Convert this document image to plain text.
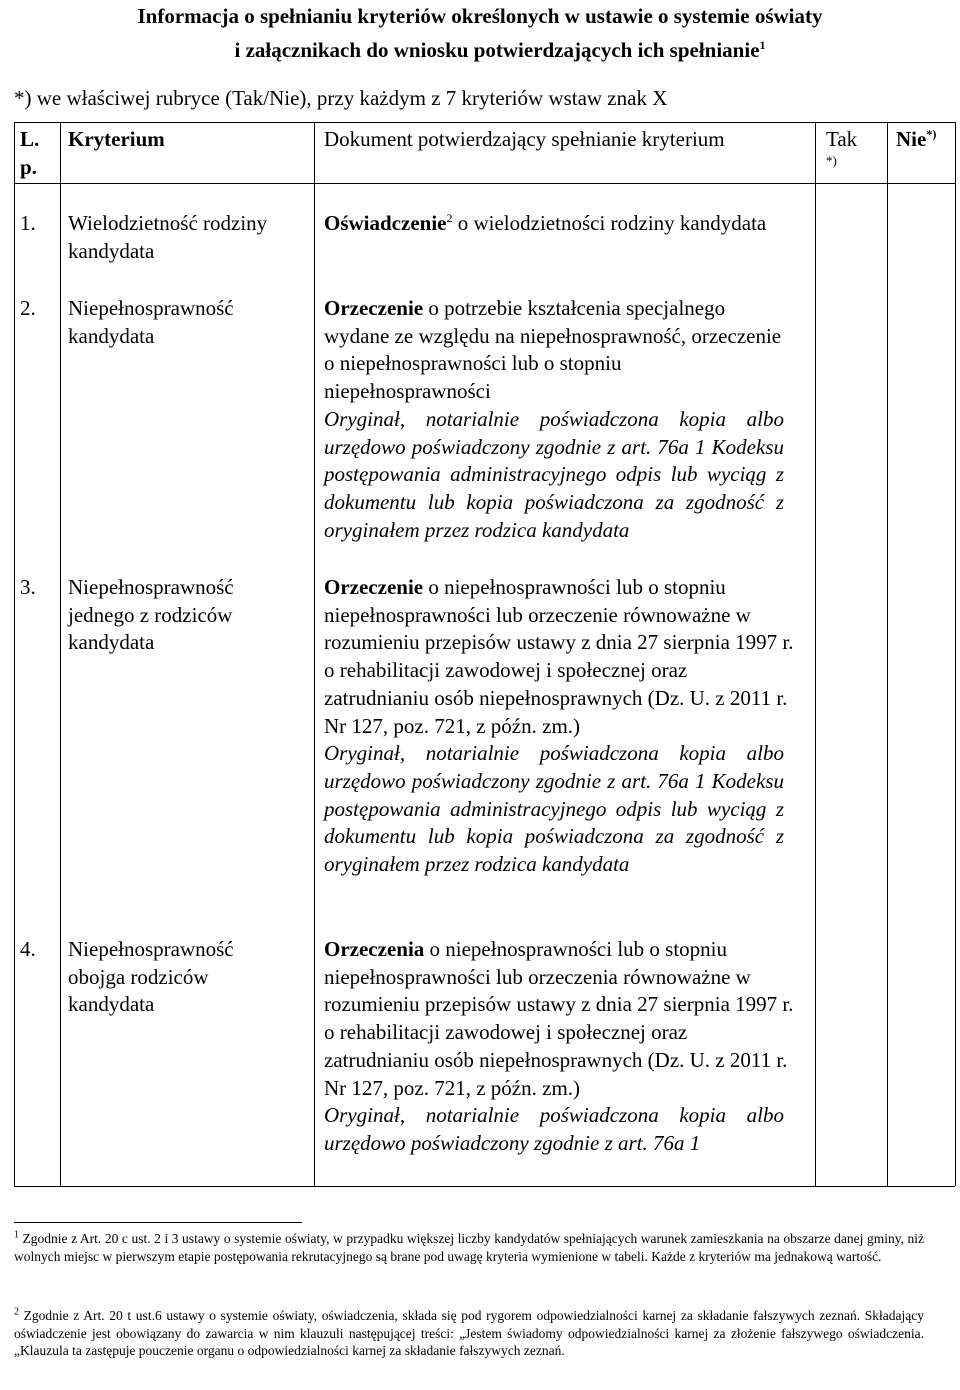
Informacja o spełnianiu kryteriów określonych w ustawie o systemie oświaty
i załącznikach do wniosku potwierdzających ich spełnianie$^1$
*) we właściwej rubryce (Tak/Nie), przy każdym z 7 kryteriów wstaw znak X
L. p.
Kryterium	Dokument potwierdzający spełnianie kryterium	Tak

*)
Nie*)
1. Wielodzietność rodziny kandydata
Oświadczenie$^2$ o wielodzietności rodziny kandydata
2. Niepełnosprawność kandydata
Orzeczenie o potrzebie kształcenia specjalnego wydane ze względu na niepełnosprawność, orzeczenie o niepełnosprawności lub o stopniu niepełnosprawności

Oryginał, notarialnie poświadczona kopia albo urzędowo poświadczony zgodnie z art. 76a 1 Kodeksu postępowania administracyjnego odpis lub wyciąg z dokumentu lub kopia poświadczona za zgodność z oryginałem przez rodzica kandydata
3. Niepełnosprawność jednego z rodziców kandydata
Orzeczenie o niepełnosprawności lub o stopniu niepełnosprawności lub orzeczenie równoważne w rozumieniu przepisów ustawy z dnia 27 sierpnia 1997 r. o rehabilitacji zawodowej i społecznej oraz zatrudnianiu osób niepełnosprawnych (Dz. U. z 2011 r. Nr 127, poz. 721, z późn. zm.)

Oryginał, notarialnie poświadczona kopia albo urzędowo poświadczony zgodnie z art. 76a 1 Kodeksu postępowania administracyjnego odpis lub wyciąg z dokumentu lub kopia poświadczona za zgodność z oryginałem przez rodzica kandydata
4. Niepełnosprawność obojga rodziców kandydata
Orzeczenia o niepełnosprawności lub o stopniu niepełnosprawności lub orzeczenia równoważne w rozumieniu przepisów ustawy z dnia 27 sierpnia 1997 r. o rehabilitacji zawodowej i społecznej oraz zatrudnianiu osób niepełnosprawnych (Dz. U. z 2011 r. Nr 127, poz. 721, z późn. zm.)

Oryginał, notarialnie poświadczona kopia albo urzędowo poświadczony zgodnie z art. 76a 1
$^1$ Zgodnie z Art. 20 c ust. 2 i 3 ustawy o systemie oświaty, w przypadku większej liczby kandydatów spełniających warunek zamieszkania na obszarze danej gminy, niż wolnych miejsc w pierwszym etapie postępowania rekrutacyjnego są brane pod uwagę kryteria wymienione w tabeli. Każde z kryteriów ma jednakową wartość.
$^2$ Zgodnie z Art. 20 t ust.6 ustawy o systemie oświaty, oświadczenia, składa się pod rygorem odpowiedzialności karnej za składanie fałszywych zeznań. Składający oświadczenie jest obowiązany do zawarcia w nim klauzuli następującej treści: „Jestem świadomy odpowiedzialności karnej za złożenie fałszywego oświadczenia.„Klauzula ta zastępuje pouczenie organu o odpowiedzialności karnej za składanie fałszywych zeznań.
